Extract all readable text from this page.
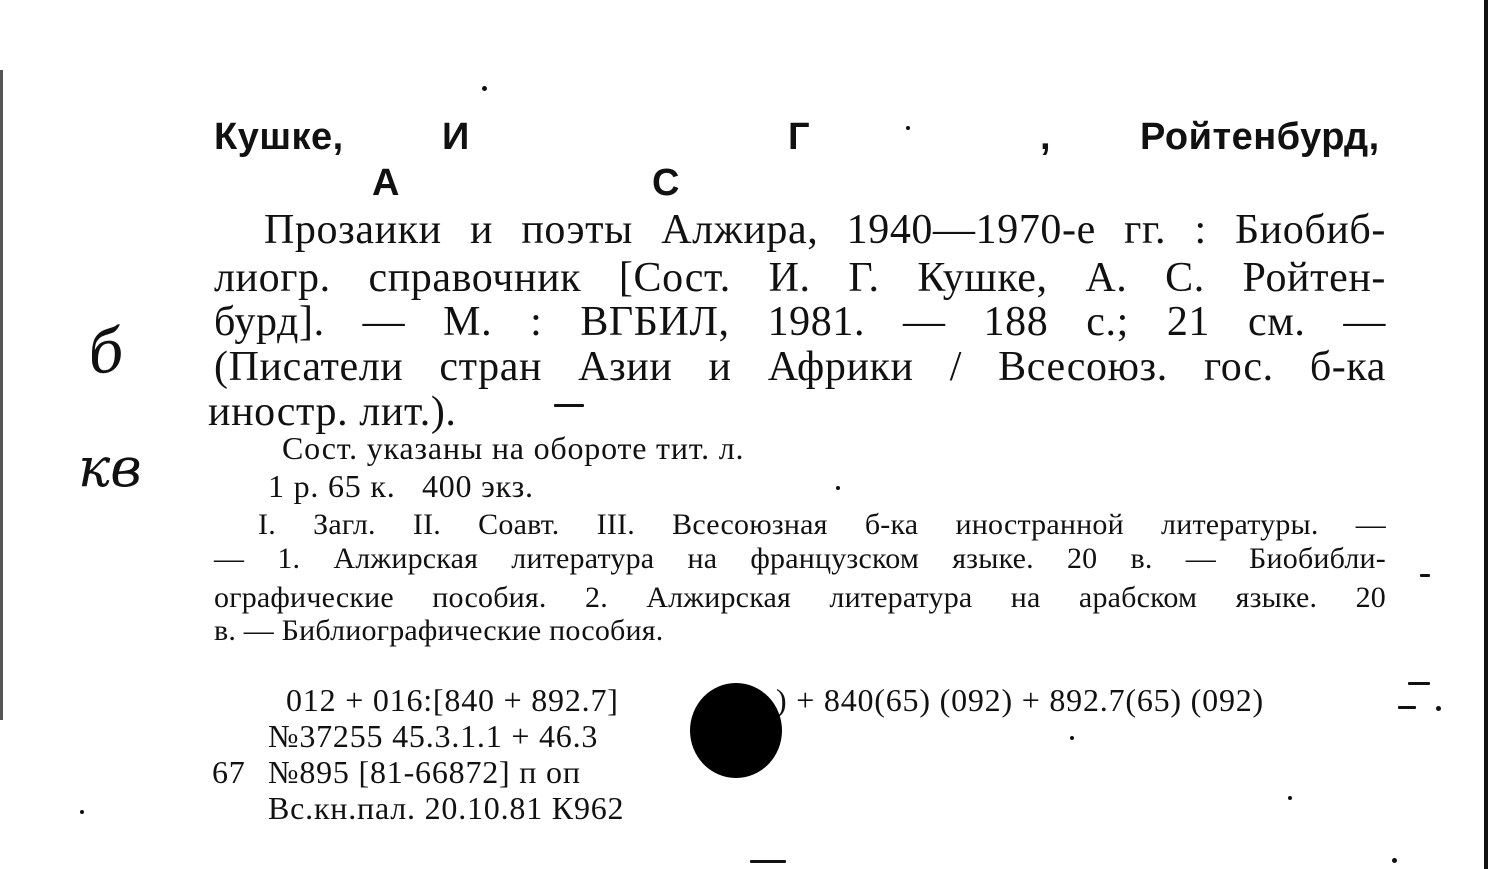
б
кв
Кушке,	И	Г	, Ройтенбурд,
А	С
Прозаики и поэты Алжира, 1940—1970-е гг. : Биобиб-
лиогр. справочник [Сост. И. Г. Кушке, А. С. Ройтен-
бурд]. — М. : ВГБИЛ, 1981. — 188 с.; 21 см. —
(Писатели стран Азии и Африки / Всесоюз. гос. б-ка
иностр. лит.).
Сост. указаны на обороте тит. л.
1 р. 65 к.   400 экз.
I. Загл. II. Соавт. III. Всесоюзная б-ка иностранной литературы. —
— 1. Алжирская литература на французском языке. 20 в. — Биобибли-
ографические пособия. 2. Алжирская литература на арабском языке. 20
в. — Библиографические пособия.
012 + 016:[840 + 892.7]	) + 840(65) (092) + 892.7(65) (092)
№37255 45.3.1.1 + 46.3
67 №895 [81-66872] п оп
Вс.кн.пал. 20.10.81 К962
